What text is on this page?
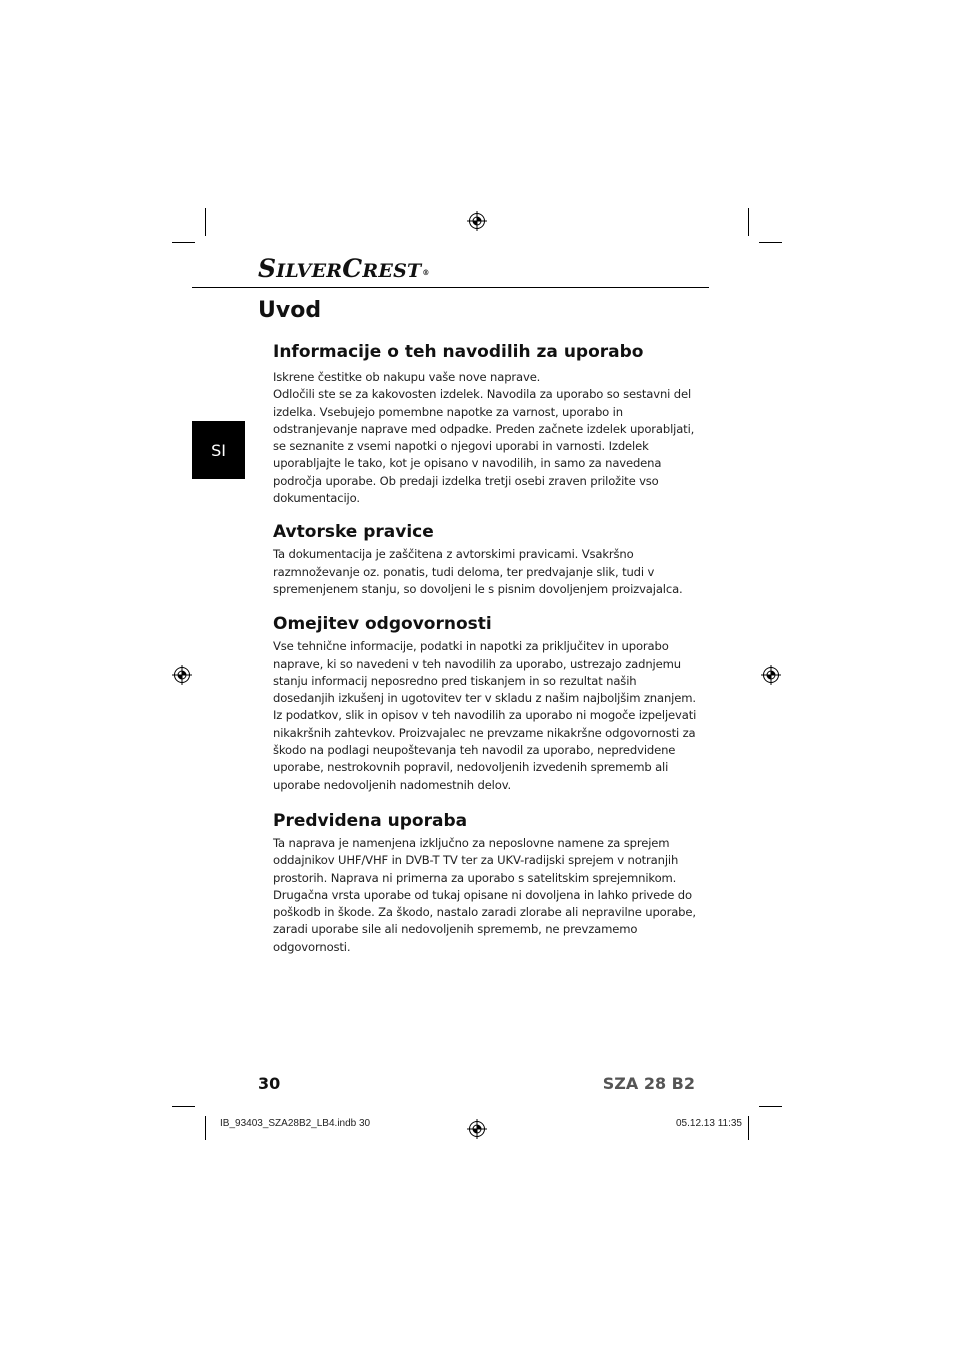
SILVERCREST®
Uvod
SI
Informacije o teh navodilih za uporabo

Iskrene čestitke ob nakupu vaše nove naprave.

Odločili ste se za kakovosten izdelek. Navodila za uporabo so sestavni del izdelka. Vsebujejo pomembne napotke za varnost, uporabo in odstranjevanje naprave med odpadke. Preden začnete izdelek uporabljati, se seznanite z vsemi napotki o njegovi uporabi in varnosti. Izdelek uporabljajte le tako, kot je opisano v navodilih, in samo za navedena področja uporabe. Ob predaji izdelka tretji osebi zraven priložite vso dokumentacijo.

Avtorske pravice

Ta dokumentacija je zaščitena z avtorskimi pravicami. Vsakršno razmnoževanje oz. ponatis, tudi deloma, ter predvajanje slik, tudi v spremenjenem stanju, so dovoljeni le s pisnim dovoljenjem proizvajalca.

Omejitev odgovornosti

Vse tehnične informacije, podatki in napotki za priključitev in uporabo naprave, ki so navedeni v teh navodilih za uporabo, ustrezajo zadnjemu stanju informacij neposredno pred tiskanjem in so rezultat naših dosedanjih izkušenj in ugotovitev ter v skladu z našim najboljšim znanjem. Iz podatkov, slik in opisov v teh navodilih za uporabo ni mogoče izpeljevati nikakršnih zahtevkov. Proizvajalec ne prevzame nikakršne odgovornosti za škodo na podlagi neupoštevanja teh navodil za uporabo, nepredvidene uporabe, nestrokovnih popravil, nedovoljenih izvedenih sprememb ali uporabe nedovoljenih nadomestnih delov.

Predvidena uporaba

Ta naprava je namenjena izključno za neposlovne namene za sprejem oddajnikov UHF/VHF in DVB-T TV ter za UKV-radijski sprejem v notranjih prostorih. Naprava ni primerna za uporabo s satelitskim sprejemnikom. Drugačna vrsta uporabe od tukaj opisane ni dovoljena in lahko privede do poškodb in škode. Za škodo, nastalo zaradi zlorabe ali nepravilne uporabe, zaradi uporabe sile ali nedovoljenih sprememb, ne prevzamemo odgovornosti.

30	SZA 28 B2
IB_93403_SZA28B2_LB4.indb 30	05.12.13 11:35
